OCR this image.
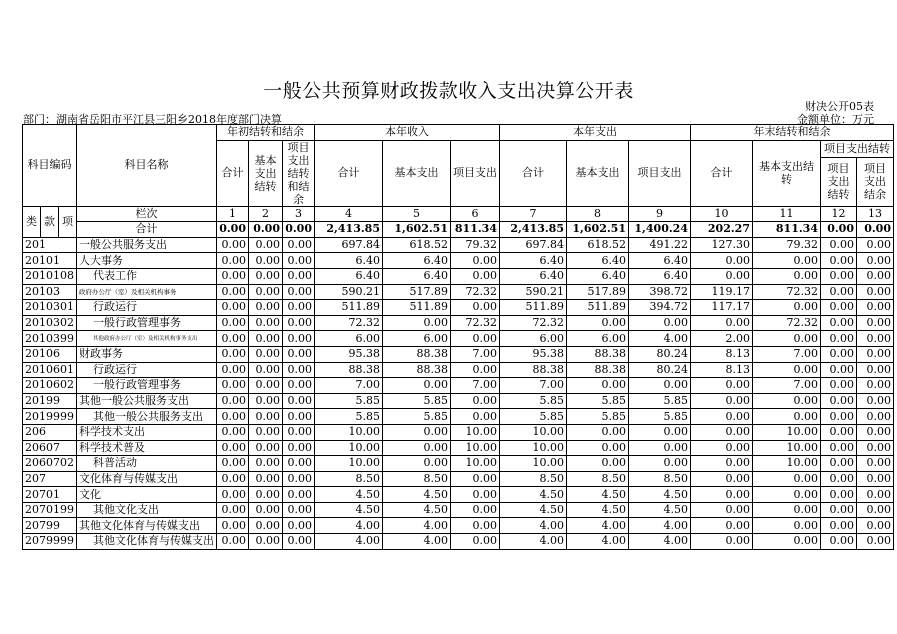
一般公共预算财政拨款收入支出决算公开表
财决公开05表
金额单位：万元
部门：湖南省岳阳市平江县三阳乡2018年度部门决算
科目编码			科目名称	年初结转和结余			本年收入			本年支出			年末结转和结余			
				合计	基本支出结转	项目支出结转和结余	合计	基本支出	项目支出	合计	基本支出	项目支出	合计	基本支出结转	项目支出结转	
															项目支出结转	项目支出结余
类	款	项	栏次	1	2	3	4	5	6	7	8	9	10	11	12	13
			合计	0.00	0.00	0.00	2,413.85	1,602.51	811.34	2,413.85	1,602.51	1,400.24	202.27	811.34	0.00	0.00
201			一般公共服务支出	0.00	0.00	0.00	697.84	618.52	79.32	697.84	618.52	491.22	127.30	79.32	0.00	0.00
20101			人大事务	0.00	0.00	0.00	6.40	6.40	0.00	6.40	6.40	6.40	0.00	0.00	0.00	0.00
2010108			代表工作	0.00	0.00	0.00	6.40	6.40	0.00	6.40	6.40	6.40	0.00	0.00	0.00	0.00
20103			政府办公厅（室）及相关机构事务	0.00	0.00	0.00	590.21	517.89	72.32	590.21	517.89	398.72	119.17	72.32	0.00	0.00
2010301			行政运行	0.00	0.00	0.00	511.89	511.89	0.00	511.89	511.89	394.72	117.17	0.00	0.00	0.00
2010302			一般行政管理事务	0.00	0.00	0.00	72.32	0.00	72.32	72.32	0.00	0.00	0.00	72.32	0.00	0.00
2010399			其他政府办公厅（室）及相关机构事务支出	0.00	0.00	0.00	6.00	6.00	0.00	6.00	6.00	4.00	2.00	0.00	0.00	0.00
20106			财政事务	0.00	0.00	0.00	95.38	88.38	7.00	95.38	88.38	80.24	8.13	7.00	0.00	0.00
2010601			行政运行	0.00	0.00	0.00	88.38	88.38	0.00	88.38	88.38	80.24	8.13	0.00	0.00	0.00
2010602			一般行政管理事务	0.00	0.00	0.00	7.00	0.00	7.00	7.00	0.00	0.00	0.00	7.00	0.00	0.00
20199			其他一般公共服务支出	0.00	0.00	0.00	5.85	5.85	0.00	5.85	5.85	5.85	0.00	0.00	0.00	0.00
2019999			其他一般公共服务支出	0.00	0.00	0.00	5.85	5.85	0.00	5.85	5.85	5.85	0.00	0.00	0.00	0.00
206			科学技术支出	0.00	0.00	0.00	10.00	0.00	10.00	10.00	0.00	0.00	0.00	10.00	0.00	0.00
20607			科学技术普及	0.00	0.00	0.00	10.00	0.00	10.00	10.00	0.00	0.00	0.00	10.00	0.00	0.00
2060702			科普活动	0.00	0.00	0.00	10.00	0.00	10.00	10.00	0.00	0.00	0.00	10.00	0.00	0.00
207			文化体育与传媒支出	0.00	0.00	0.00	8.50	8.50	0.00	8.50	8.50	8.50	0.00	0.00	0.00	0.00
20701			文化	0.00	0.00	0.00	4.50	4.50	0.00	4.50	4.50	4.50	0.00	0.00	0.00	0.00
2070199			其他文化支出	0.00	0.00	0.00	4.50	4.50	0.00	4.50	4.50	4.50	0.00	0.00	0.00	0.00
20799			其他文化体育与传媒支出	0.00	0.00	0.00	4.00	4.00	0.00	4.00	4.00	4.00	0.00	0.00	0.00	0.00
2079999			其他文化体育与传媒支出	0.00	0.00	0.00	4.00	4.00	0.00	4.00	4.00	4.00	0.00	0.00	0.00	0.00
